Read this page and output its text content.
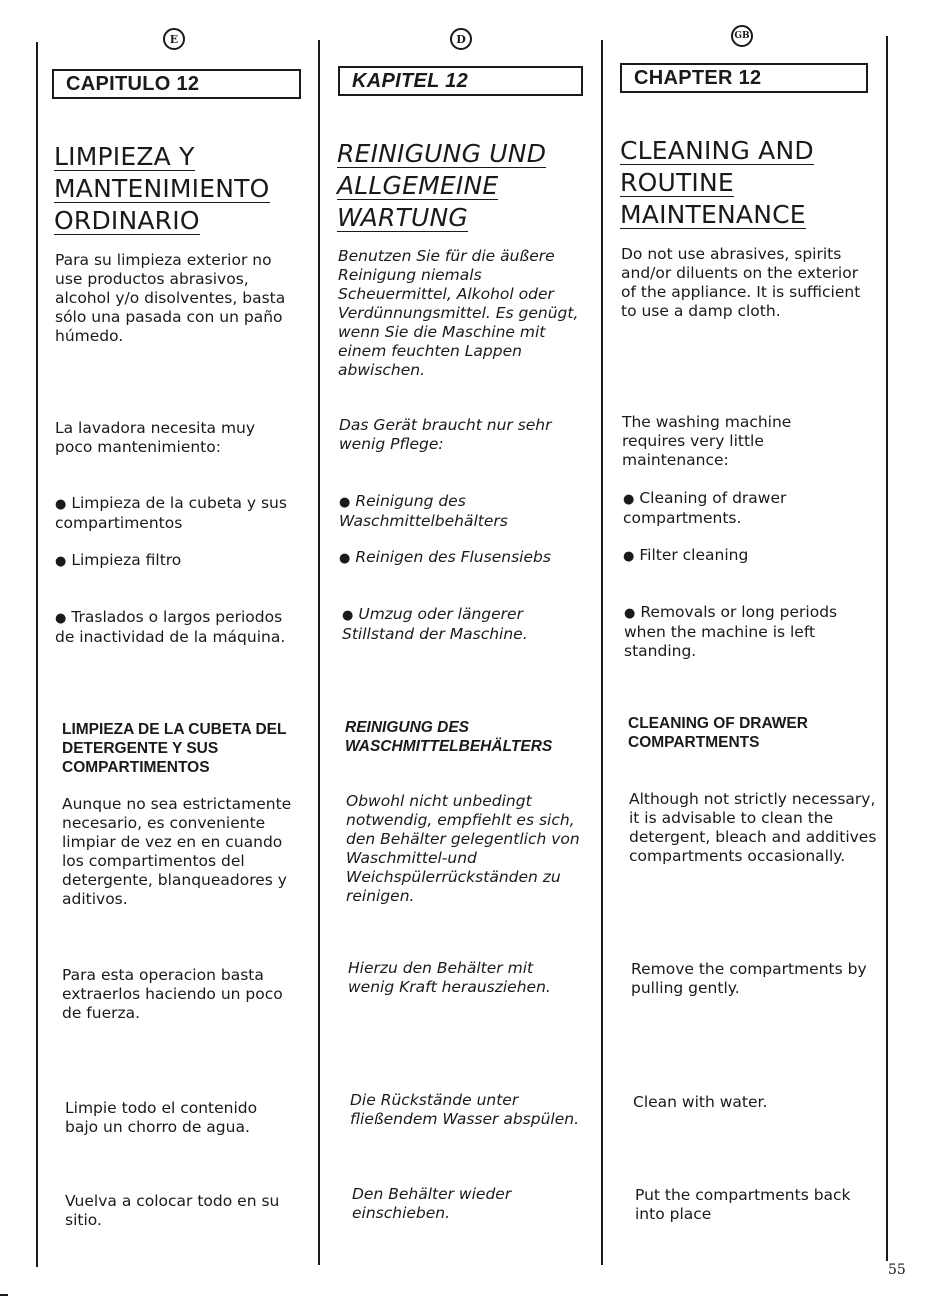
E
CAPITULO 12
LIMPIEZA Y
MANTENIMIENTO
ORDINARIO
Para su limpieza exterior no use productos abrasivos, alcohol y/o disolventes, basta sólo una pasada con un paño húmedo.
La lavadora necesita muy poco mantenimiento:
● Limpieza de la cubeta y sus compartimentos
● Limpieza filtro
● Traslados o largos periodos de inactividad de la máquina.
LIMPIEZA DE LA CUBETA DEL DETERGENTE Y SUS COMPARTIMENTOS
Aunque no sea estrictamente necesario, es conveniente limpiar de vez en en cuando los compartimentos del detergente, blanqueadores y aditivos.
Para esta operacion basta extraerlos haciendo un poco de fuerza.
Limpie todo el contenido bajo un chorro de agua.
Vuelva a colocar todo en su sitio.
D
KAPITEL 12
REINIGUNG UND
ALLGEMEINE
WARTUNG
Benutzen Sie für die äußere Reinigung niemals Scheuermittel, Alkohol oder Verdünnungsmittel. Es genügt, wenn Sie die Maschine mit einem feuchten Lappen abwischen.
Das Gerät braucht nur sehr wenig Pflege:
● Reinigung des Waschmittelbehälters
● Reinigen des Flusensiebs
● Umzug oder längerer Stillstand der Maschine.
REINIGUNG DES WASCHMITTELBEHÄLTERS
Obwohl nicht unbedingt notwendig, empfiehlt es sich, den Behälter gelegentlich von Waschmittel-und Weichspülerrückständen zu reinigen.
Hierzu den Behälter mit wenig Kraft herausziehen.
Die Rückstände unter fließendem Wasser abspülen.
Den Behälter wieder einschieben.
GB
CHAPTER 12
CLEANING AND
ROUTINE
MAINTENANCE
Do not use abrasives, spirits and/or diluents on the exterior of the appliance. It is sufficient to use a damp cloth.
The washing machine requires very little maintenance:
● Cleaning of drawer compartments.
● Filter cleaning
● Removals or long periods when the machine is left standing.
CLEANING OF DRAWER COMPARTMENTS
Although not strictly necessary, it is advisable to clean the detergent, bleach and additives compartments occasionally.
Remove the compartments by pulling gently.
Clean with water.
Put the compartments back into place
55
